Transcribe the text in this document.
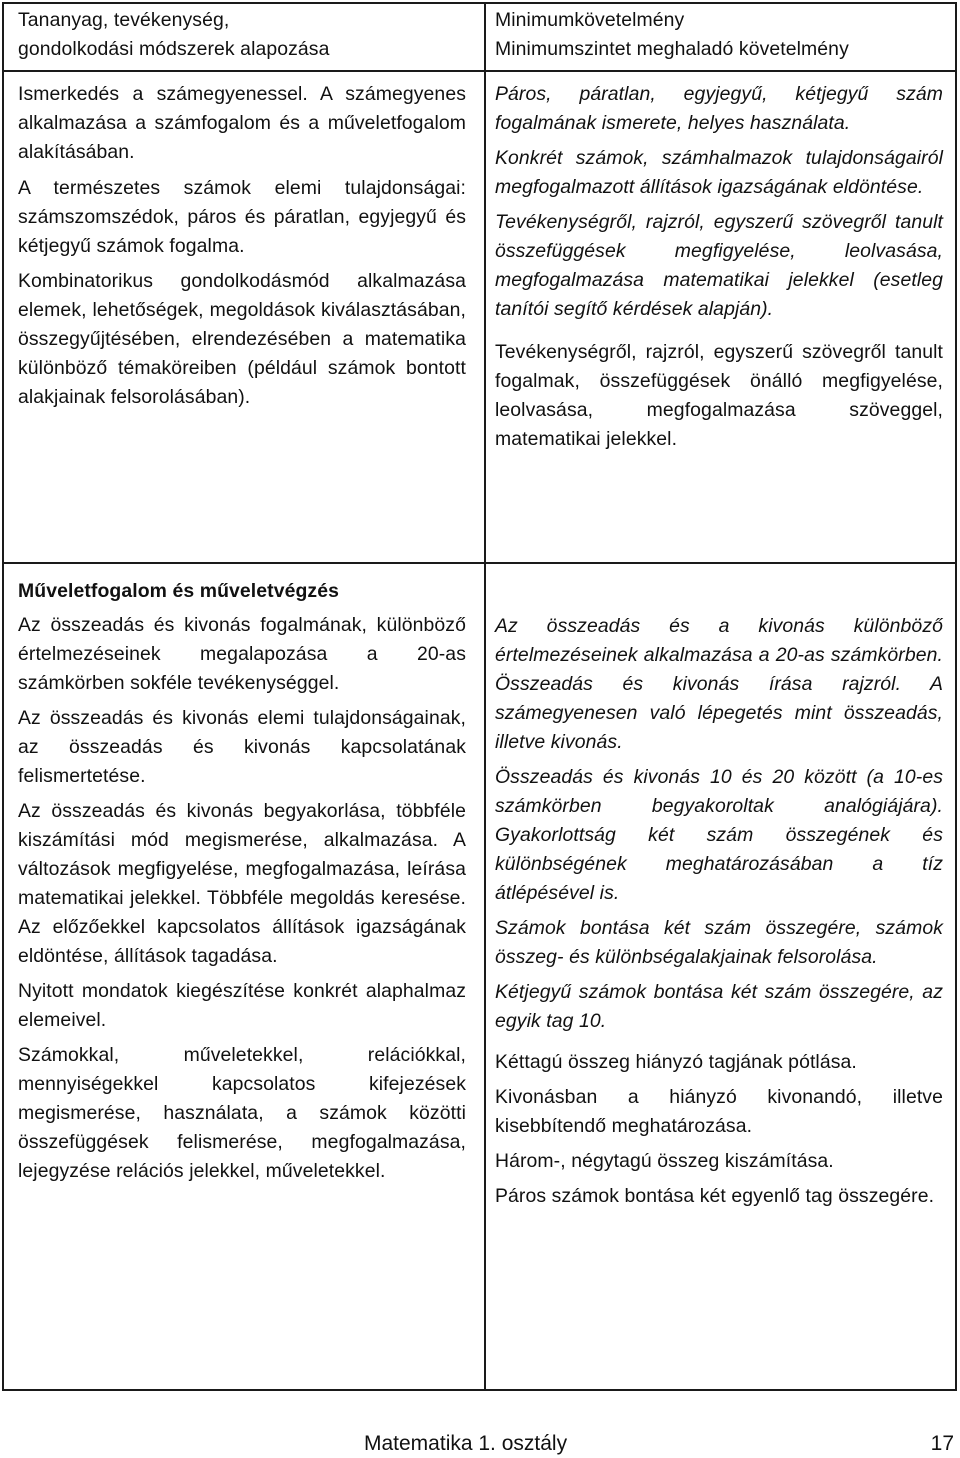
Tananyag, tevékenység,
gondolkodási módszerek alapozása
Minimumkövetelmény
Minimumszintet meghaladó követelmény

Ismerkedés a számegyenessel. A számegyenes alkalmazása a számfogalom és a műveletfogalom alakításában.

A természetes számok elemi tulajdonságai: számszomszédok, páros és páratlan, egyjegyű és kétjegyű számok fogalma.

Kombinatorikus gondolkodásmód alkalmazása elemek, lehetőségek, megoldások kiválasztásában, összegyűjtésében, elrendezésében a matematika különböző témaköreiben (például számok bontott alakjainak felsorolásában).

Páros, páratlan, egyjegyű, kétjegyű szám fogalmának ismerete, helyes használata.

Konkrét számok, számhalmazok tulajdonságairól megfogalmazott állítások igazságának eldöntése.

Tevékenységről, rajzról, egyszerű szövegről tanult összefüggések megfigyelése, leolvasása, megfogalmazása matematikai jelekkel (esetleg tanítói segítő kérdések alapján).

Tevékenységről, rajzról, egyszerű szövegről tanult fogalmak, összefüggések önálló megfigyelése, leolvasása, megfogalmazása szöveggel, matematikai jelekkel.

Műveletfogalom és műveletvégzés

Az összeadás és kivonás fogalmának, különböző értelmezéseinek megalapozása a 20-as számkörben sokféle tevékenységgel.

Az összeadás és kivonás elemi tulajdonságainak, az összeadás és kivonás kapcsolatának felismertetése.

Az összeadás és kivonás begyakorlása, többféle kiszámítási mód megismerése, alkalmazása. A változások megfigyelése, megfogalmazása, leírása matematikai jelekkel. Többféle megoldás keresése. Az előzőekkel kapcsolatos állítások igazságának eldöntése, állítások tagadása.

Nyitott mondatok kiegészítése konkrét alaphalmaz elemeivel.

Számokkal, műveletekkel, relációkkal, mennyiségekkel kapcsolatos kifejezések megismerése, használata, a számok közötti összefüggések felismerése, megfogalmazása, lejegyzése relációs jelekkel, műveletekkel.

Az összeadás és a kivonás különböző értelmezéseinek alkalmazása a 20-as számkörben. Összeadás és kivonás írása rajzról. A számegyenesen való lépegetés mint összeadás, illetve kivonás.

Összeadás és kivonás 10 és 20 között (a 10-es számkörben begyakoroltak analógiájára). Gyakorlottság két szám összegének és különbségének meghatározásában a tíz átlépésével is.

Számok bontása két szám összegére, számok összeg- és különbségalakjainak felsorolása.

Kétjegyű számok bontása két szám összegére, az egyik tag 10.

Kéttagú összeg hiányzó tagjának pótlása.

Kivonásban a hiányzó kivonandó, illetve kisebbítendő meghatározása.

Három-, négytagú összeg kiszámítása.

Páros számok bontása két egyenlő tag összegére.

Matematika 1. osztály	17
